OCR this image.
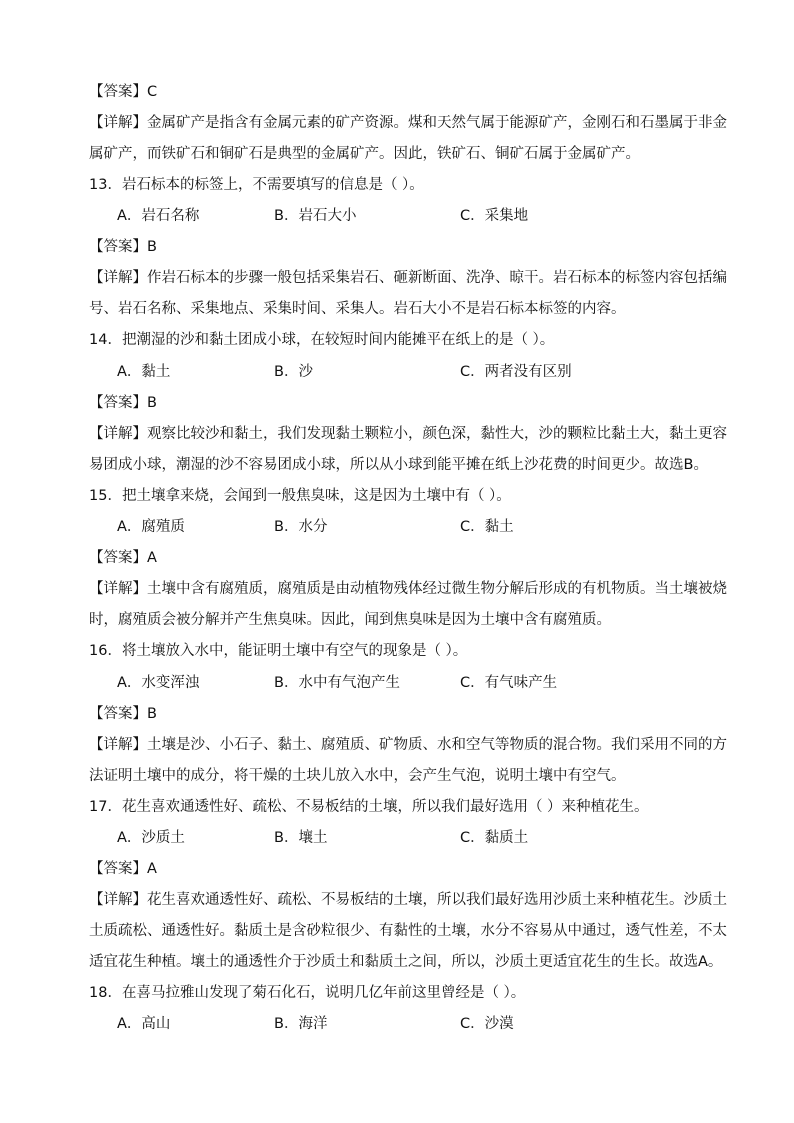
【答案】C
【详解】金属矿产是指含有金属元素的矿产资源。煤和天然气属于能源矿产，金刚石和石墨属于非金
属矿产，而铁矿石和铜矿石是典型的金属矿产。因此，铁矿石、铜矿石属于金属矿产。
13．岩石标本的标签上，不需要填写的信息是（ ）。
A．岩石名称	B．岩石大小	C．采集地
【答案】B
【详解】作岩石标本的步骤一般包括采集岩石、砸新断面、洗净、晾干。岩石标本的标签内容包括编
号、岩石名称、采集地点、采集时间、采集人。岩石大小不是岩石标本标签的内容。
14．把潮湿的沙和黏土团成小球，在较短时间内能摊平在纸上的是（ ）。
A．黏土	B．沙	C．两者没有区别
【答案】B
【详解】观察比较沙和黏土，我们发现黏土颗粒小，颜色深，黏性大，沙的颗粒比黏土大，黏土更容
易团成小球，潮湿的沙不容易团成小球，所以从小球到能平摊在纸上沙花费的时间更少。故选B。
15．把土壤拿来烧，会闻到一般焦臭味，这是因为土壤中有（ ）。
A．腐殖质	B．水分	C．黏土
【答案】A
【详解】土壤中含有腐殖质，腐殖质是由动植物残体经过微生物分解后形成的有机物质。当土壤被烧
时，腐殖质会被分解并产生焦臭味。因此，闻到焦臭味是因为土壤中含有腐殖质。
16．将土壤放入水中，能证明土壤中有空气的现象是（ ）。
A．水变浑浊	B．水中有气泡产生	C．有气味产生
【答案】B
【详解】土壤是沙、小石子、黏土、腐殖质、矿物质、水和空气等物质的混合物。我们采用不同的方
法证明土壤中的成分，将干燥的土块儿放入水中，会产生气泡，说明土壤中有空气。
17．花生喜欢通透性好、疏松、不易板结的土壤，所以我们最好选用（ ）来种植花生。
A．沙质土	B．壤土	C．黏质土
【答案】A
【详解】花生喜欢通透性好、疏松、不易板结的土壤，所以我们最好选用沙质土来种植花生。沙质土
土质疏松、通透性好。黏质土是含砂粒很少、有黏性的土壤，水分不容易从中通过，透气性差，不太
适宜花生种植。壤土的通透性介于沙质土和黏质土之间，所以，沙质土更适宜花生的生长。故选A。
18．在喜马拉雅山发现了菊石化石，说明几亿年前这里曾经是（ ）。
A．高山	B．海洋	C．沙漠
